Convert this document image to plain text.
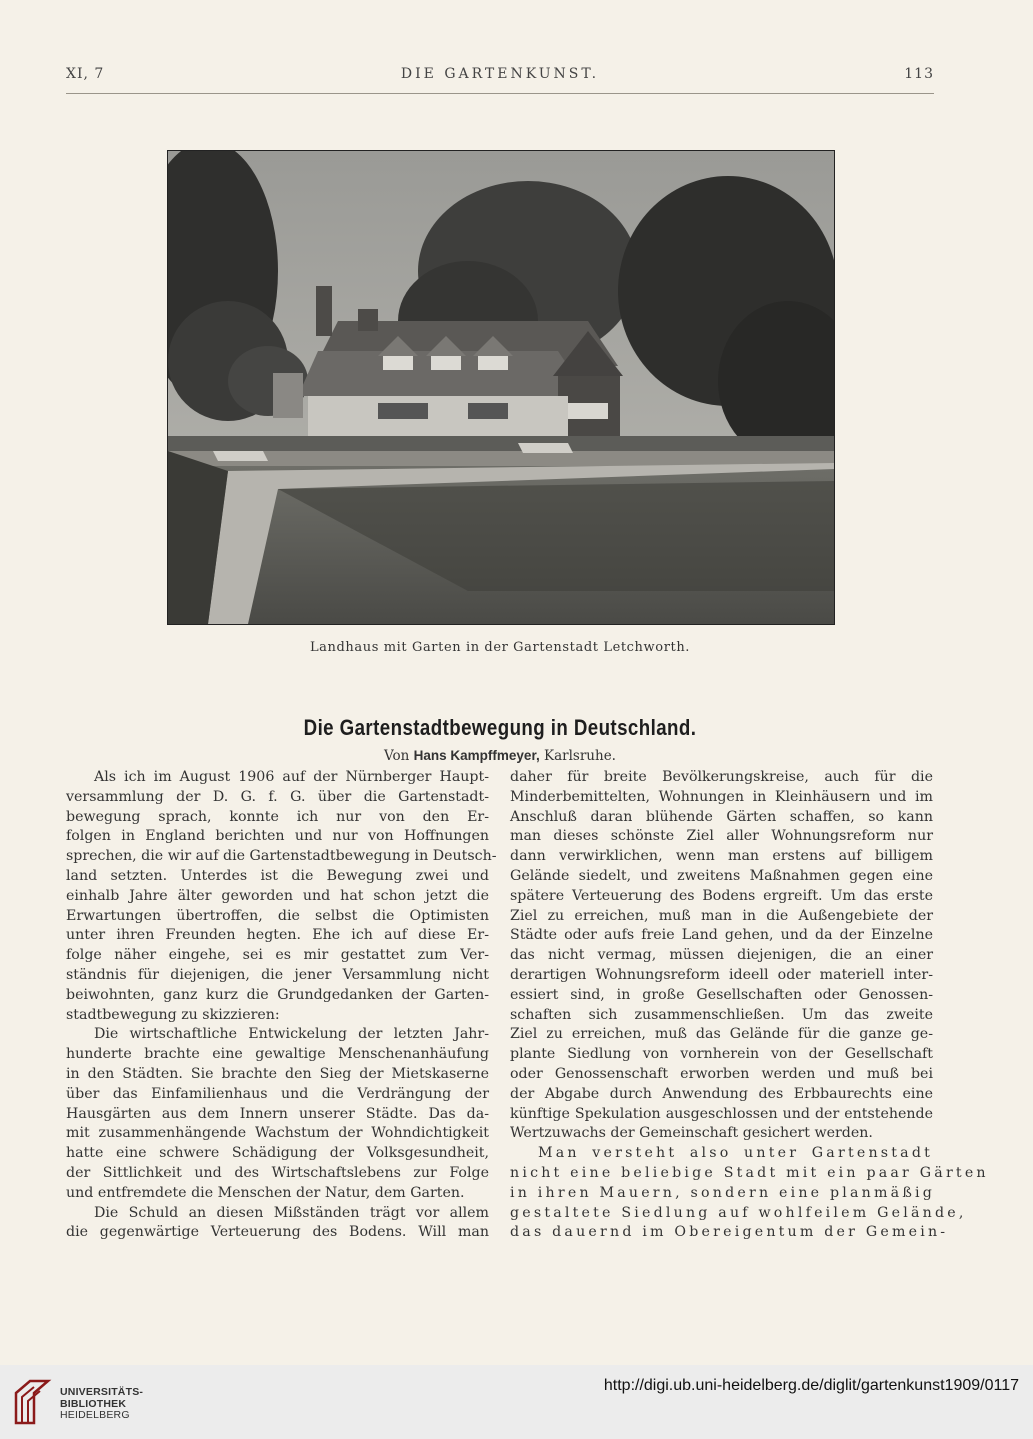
XI, 7	DIE GARTENKUNST.	113
Landhaus mit Garten in der Gartenstadt Letchworth.
Die Gartenstadtbewegung in Deutschland.
Von Hans Kampffmeyer, Karlsruhe.
Als ich im August 1906 auf der Nürnberger Haupt-
versammlung der D. G. f. G. über die Gartenstadt-
bewegung sprach, konnte ich nur von den Er-
folgen in England berichten und nur von Hoffnungen
sprechen, die wir auf die Gartenstadtbewegung in Deutsch-
land setzten. Unterdes ist die Bewegung zwei und
einhalb Jahre älter geworden und hat schon jetzt die
Erwartungen übertroffen, die selbst die Optimisten
unter ihren Freunden hegten. Ehe ich auf diese Er-
folge näher eingehe, sei es mir gestattet zum Ver-
ständnis für diejenigen, die jener Versammlung nicht
beiwohnten, ganz kurz die Grundgedanken der Garten-
stadtbewegung zu skizzieren:
Die wirtschaftliche Entwickelung der letzten Jahr-
hunderte brachte eine gewaltige Menschenanhäufung
in den Städten. Sie brachte den Sieg der Mietskaserne
über das Einfamilienhaus und die Verdrängung der
Hausgärten aus dem Innern unserer Städte. Das da-
mit zusammenhängende Wachstum der Wohndichtigkeit
hatte eine schwere Schädigung der Volksgesundheit,
der Sittlichkeit und des Wirtschaftslebens zur Folge
und entfremdete die Menschen der Natur, dem Garten.
Die Schuld an diesen Mißständen trägt vor allem
die gegenwärtige Verteuerung des Bodens. Will man
daher für breite Bevölkerungskreise, auch für die
Minderbemittelten, Wohnungen in Kleinhäusern und im
Anschluß daran blühende Gärten schaffen, so kann
man dieses schönste Ziel aller Wohnungsreform nur
dann verwirklichen, wenn man erstens auf billigem
Gelände siedelt, und zweitens Maßnahmen gegen eine
spätere Verteuerung des Bodens ergreift. Um das erste
Ziel zu erreichen, muß man in die Außengebiete der
Städte oder aufs freie Land gehen, und da der Einzelne
das nicht vermag, müssen diejenigen, die an einer
derartigen Wohnungsreform ideell oder materiell inter-
essiert sind, in große Gesellschaften oder Genossen-
schaften sich zusammenschließen. Um das zweite
Ziel zu erreichen, muß das Gelände für die ganze ge-
plante Siedlung von vornherein von der Gesellschaft
oder Genossenschaft erworben werden und muß bei
der Abgabe durch Anwendung des Erbbaurechts eine
künftige Spekulation ausgeschlossen und der entstehende
Wertzuwachs der Gemeinschaft gesichert werden.
Man versteht also unter Gartenstadt
nicht eine beliebige Stadt mit ein paar Gärten
in ihren Mauern, sondern eine planmäßig
gestaltete Siedlung auf wohlfeilem Gelände,
das dauernd im Obereigentum der Gemein-
UNIVERSITÄTS-
BIBLIOTHEK
HEIDELBERG
http://digi.ub.uni-heidelberg.de/diglit/gartenkunst1909/0117
